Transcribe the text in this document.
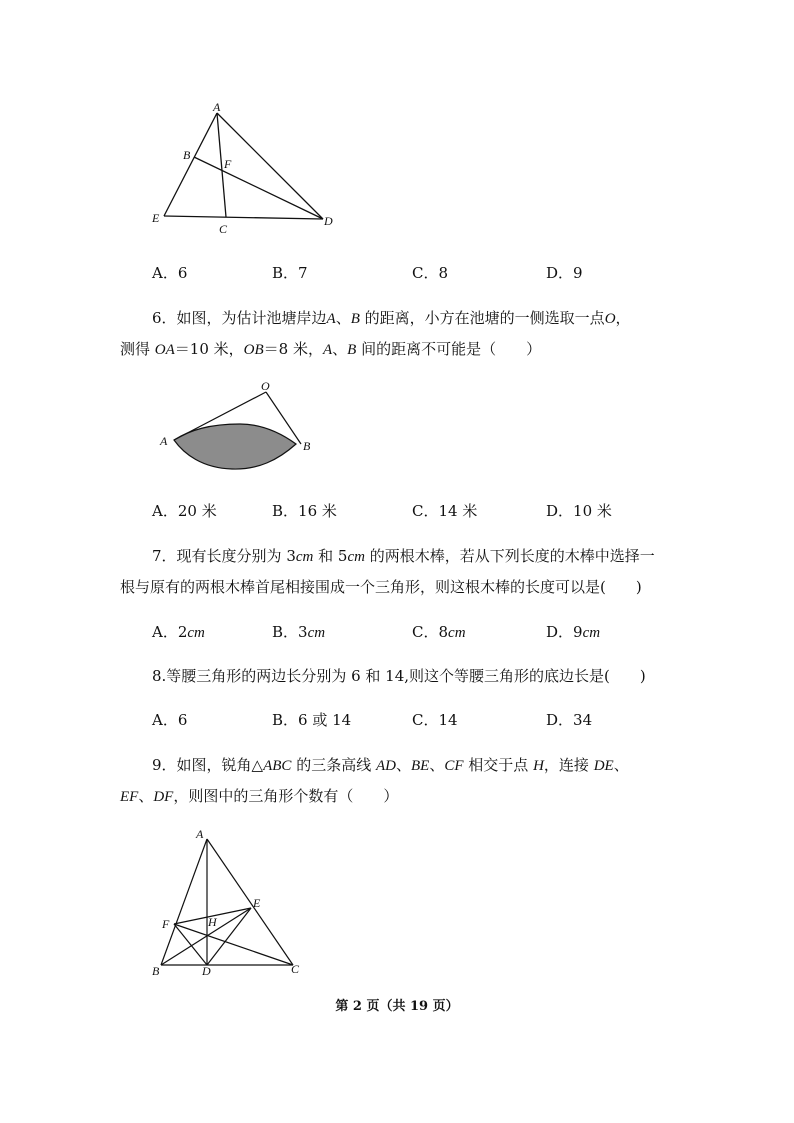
A
B
F
E
C
D
A．6	B．7	C．8	D．9
6．如图，为估计池塘岸边A、B 的距离，小方在池塘的一侧选取一点O，
测得 OA＝10 米，OB＝8 米，A、B 间的距离不可能是（　　）
O
A	B
A．20 米	B．16 米	C．14 米	D．10 米
7．现有长度分别为 3cm 和 5cm 的两根木棒，若从下列长度的木棒中选择一
根与原有的两根木棒首尾相接围成一个三角形，则这根木棒的长度可以是(　　)
A．2cm	B．3cm	C．8cm	D．9cm
8.等腰三角形的两边长分别为 6 和 14,则这个等腰三角形的底边长是(　　)
A．6	B．6 或 14	C．14	D．34
9．如图，锐角△ABC 的三条高线 AD、BE、CF 相交于点 H，连接 DE、
EF、DF，则图中的三角形个数有（　　）
A
E
F	H
B	D	C
第 2 页（共 19 页）
